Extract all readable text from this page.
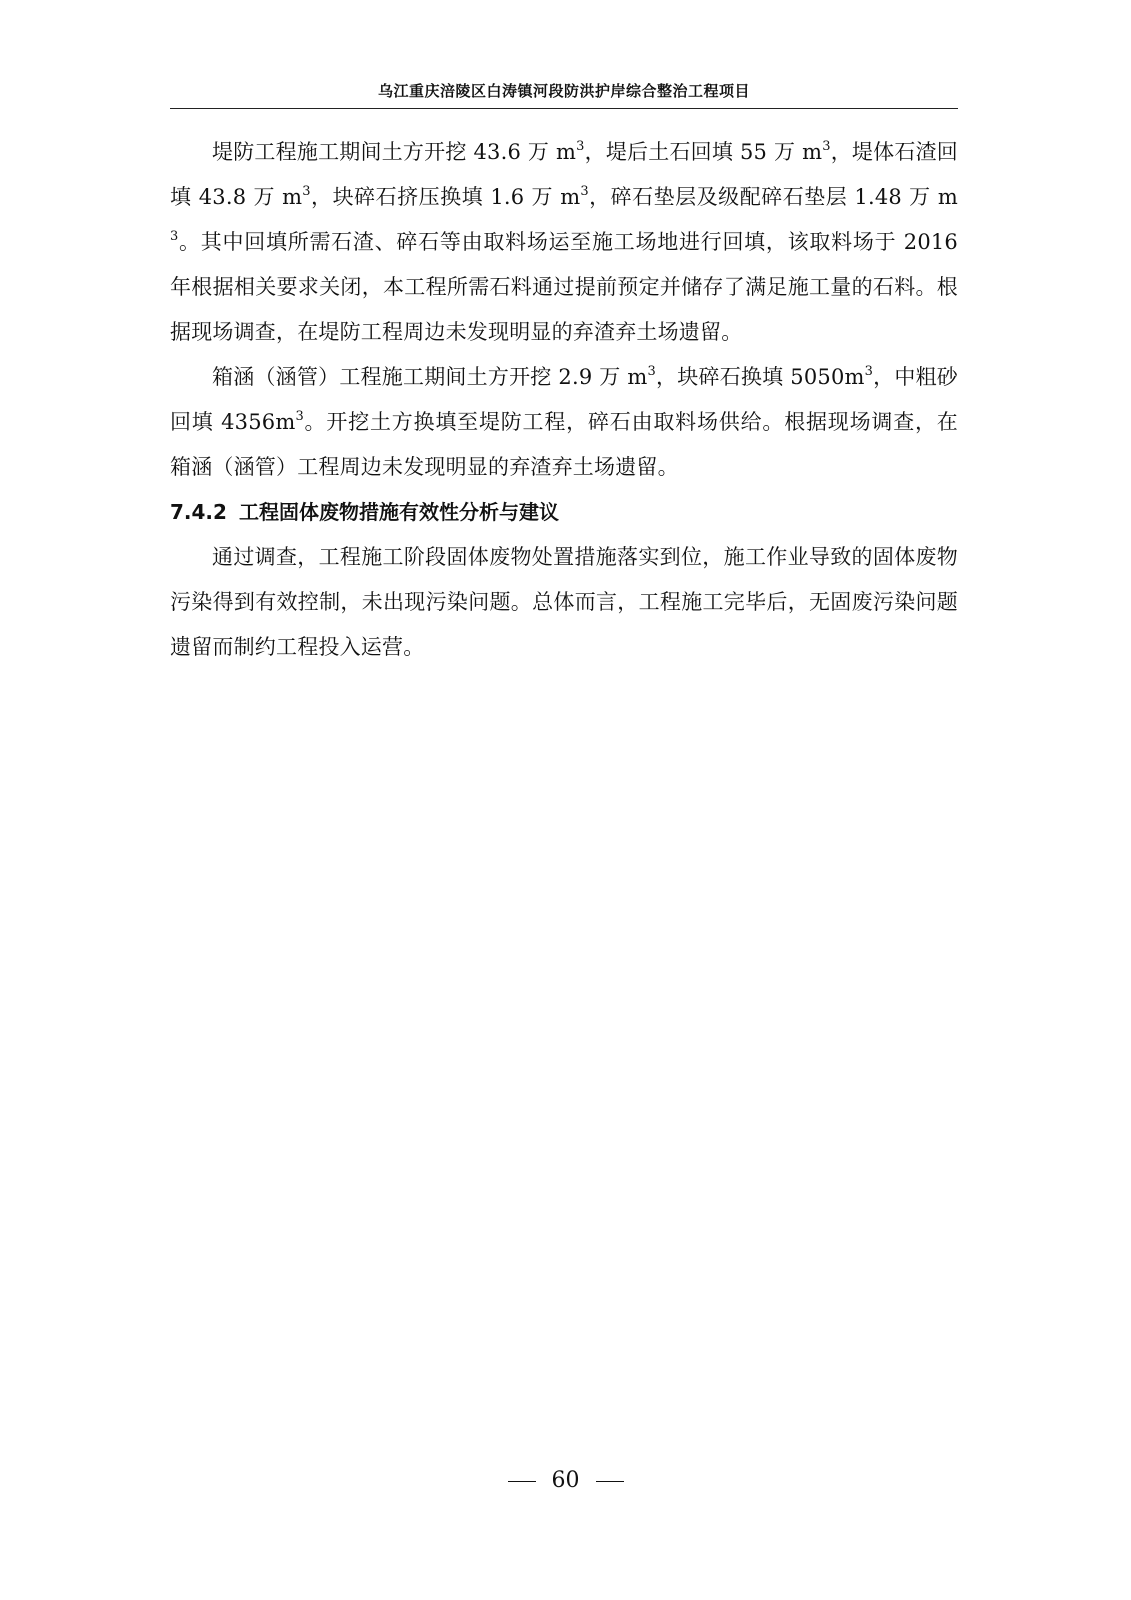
乌江重庆涪陵区白涛镇河段防洪护岸综合整治工程项目

堤防工程施工期间土方开挖 43.6 万 $m^3$，堤后土石回填 55 万 $m^3$，堤体石渣回填 43.8 万 $m^3$，块碎石挤压换填 1.6 万 $m^3$，碎石垫层及级配碎石垫层 1.48 万 $m^3$。其中回填所需石渣、碎石等由取料场运至施工场地进行回填，该取料场于 2016 年根据相关要求关闭，本工程所需石料通过提前预定并储存了满足施工量的石料。根据现场调查，在堤防工程周边未发现明显的弃渣弃土场遗留。

箱涵（涵管）工程施工期间土方开挖 2.9 万 $m^3$，块碎石换填 $5050m^3$，中粗砂回填 $4356m^3$。开挖土方换填至堤防工程，碎石由取料场供给。根据现场调查，在箱涵（涵管）工程周边未发现明显的弃渣弃土场遗留。

7.4.2 工程固体废物措施有效性分析与建议

通过调查，工程施工阶段固体废物处置措施落实到位，施工作业导致的固体废物污染得到有效控制，未出现污染问题。总体而言，工程施工完毕后，无固废污染问题遗留而制约工程投入运营。

60
